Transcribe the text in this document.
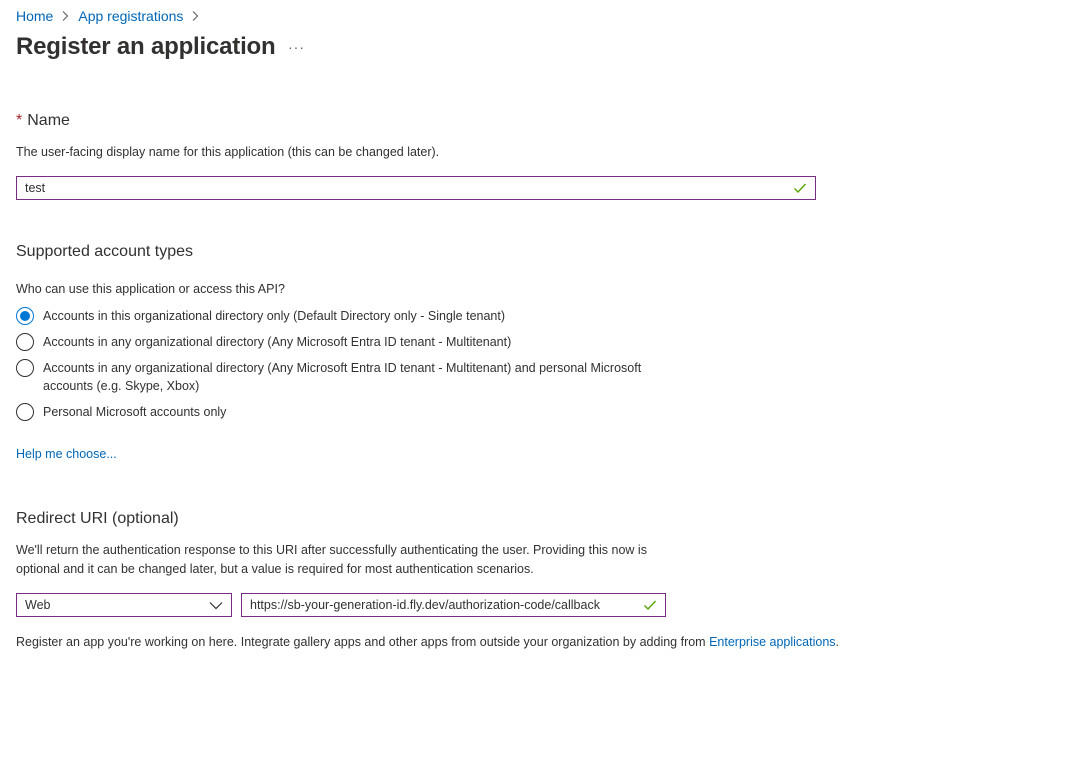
Home App registrations
Register an application ···
* Name
The user-facing display name for this application (this can be changed later).
test
Supported account types
Who can use this application or access this API?
Accounts in this organizational directory only (Default Directory only - Single tenant)
Accounts in any organizational directory (Any Microsoft Entra ID tenant - Multitenant)
Accounts in any organizational directory (Any Microsoft Entra ID tenant - Multitenant) and personal Microsoft
accounts (e.g. Skype, Xbox)
Personal Microsoft accounts only
Help me choose...
Redirect URI (optional)
We'll return the authentication response to this URI after successfully authenticating the user. Providing this now is
optional and it can be changed later, but a value is required for most authentication scenarios.
Web	https://sb-your-generation-id.fly.dev/authorization-code/callback
Register an app you're working on here. Integrate gallery apps and other apps from outside your organization by adding from Enterprise applications.
